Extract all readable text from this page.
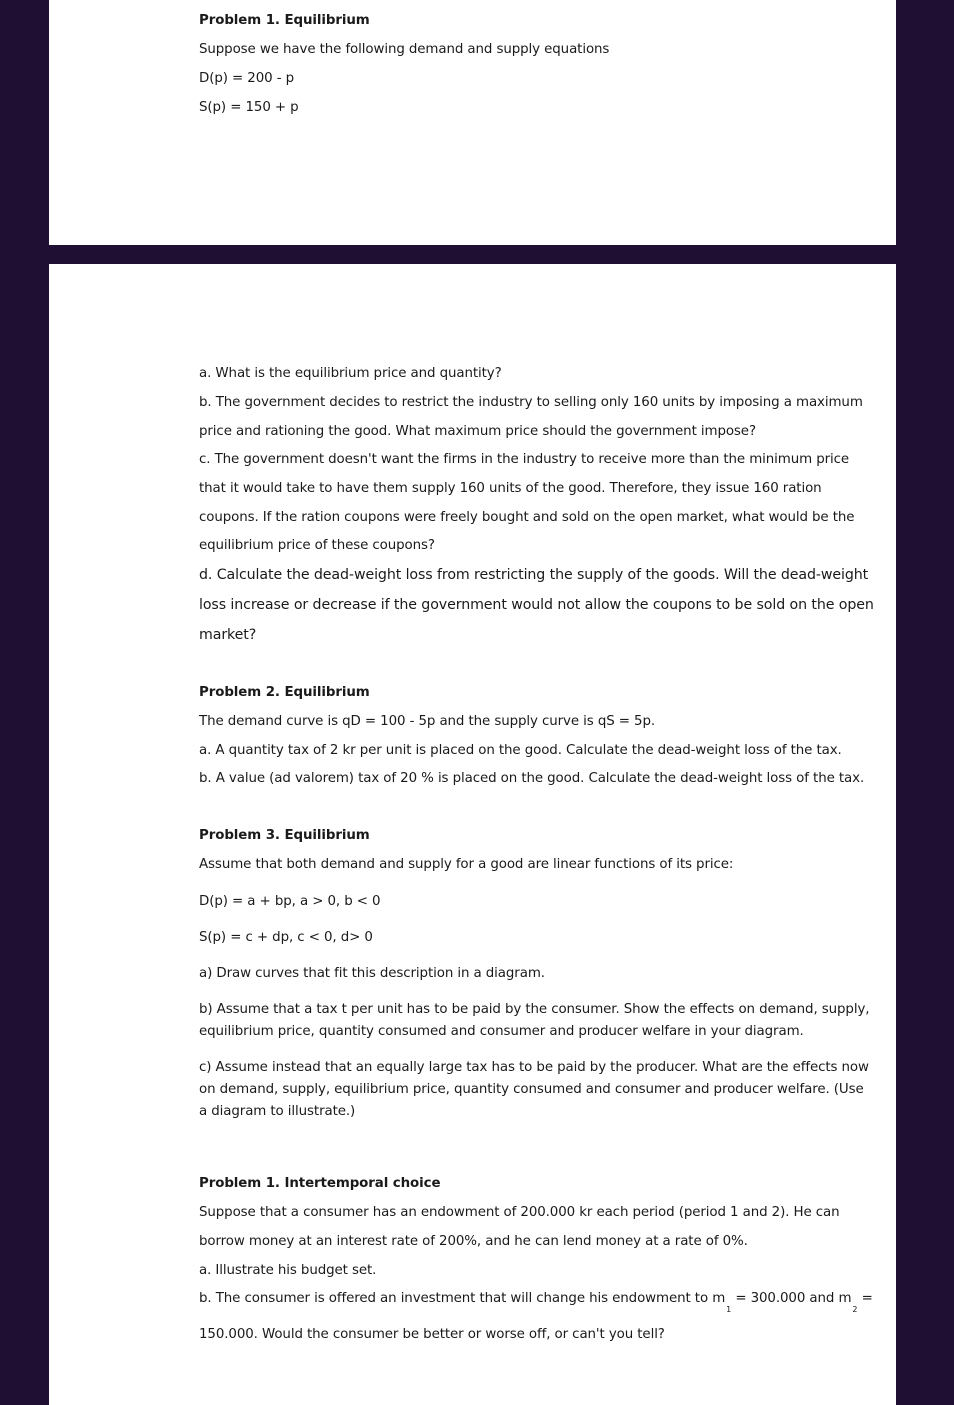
Problem 1. Equilibrium
Suppose we have the following demand and supply equations
D(p) = 200 - p
S(p) = 150 + p
a. What is the equilibrium price and quantity?
b. The government decides to restrict the industry to selling only 160 units by imposing a maximum
price and rationing the good. What maximum price should the government impose?
c. The government doesn't want the firms in the industry to receive more than the minimum price
that it would take to have them supply 160 units of the good. Therefore, they issue 160 ration
coupons. If the ration coupons were freely bought and sold on the open market, what would be the
equilibrium price of these coupons?
d. Calculate the dead-weight loss from restricting the supply of the goods. Will the dead-weight
loss increase or decrease if the government would not allow the coupons to be sold on the open
market?
Problem 2. Equilibrium
The demand curve is qD = 100 - 5p and the supply curve is qS = 5p.
a. A quantity tax of 2 kr per unit is placed on the good. Calculate the dead-weight loss of the tax.
b. A value (ad valorem) tax of 20 % is placed on the good. Calculate the dead-weight loss of the tax.
Problem 3. Equilibrium
Assume that both demand and supply for a good are linear functions of its price:
D(p) = a + bp, a > 0, b < 0
S(p) = c + dp, c < 0, d> 0
a) Draw curves that fit this description in a diagram.
b) Assume that a tax t per unit has to be paid by the consumer. Show the effects on demand, supply,
equilibrium price, quantity consumed and consumer and producer welfare in your diagram.
c) Assume instead that an equally large tax has to be paid by the producer. What are the effects now
on demand, supply, equilibrium price, quantity consumed and consumer and producer welfare. (Use
a diagram to illustrate.)
Problem 1. Intertemporal choice
Suppose that a consumer has an endowment of 200.000 kr each period (period 1 and 2). He can
borrow money at an interest rate of 200%, and he can lend money at a rate of 0%.
a. Illustrate his budget set.
b. The consumer is offered an investment that will change his endowment to $m_1 = 300.000$ and $m_2$ =
150.000. Would the consumer be better or worse off, or can't you tell?
